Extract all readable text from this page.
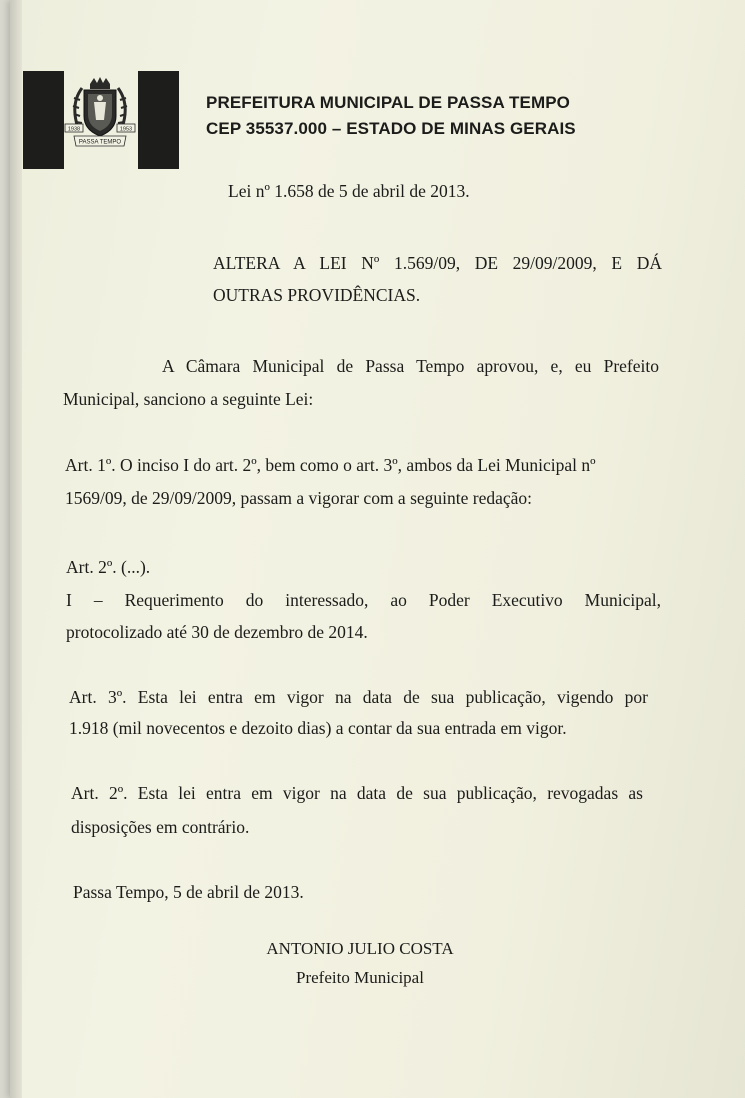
1938	1953
PASSA TEMPO
PREFEITURA MUNICIPAL DE PASSA TEMPO
CEP 35537.000 – ESTADO DE MINAS GERAIS
Lei nº 1.658 de 5 de abril de 2013.
ALTERA A LEI Nº 1.569/09, DE 29/09/2009, E DÁ
OUTRAS PROVIDÊNCIAS.
A Câmara Municipal de Passa Tempo aprovou, e, eu Prefeito
Municipal, sanciono a seguinte Lei:
Art. 1º. O inciso I do art. 2º, bem como o art. 3º, ambos da Lei Municipal nº
1569/09, de 29/09/2009, passam a vigorar com a seguinte redação:
Art. 2º. (...).
I – Requerimento do interessado, ao Poder Executivo Municipal,
protocolizado até 30 de dezembro de 2014.
Art. 3º. Esta lei entra em vigor na data de sua publicação, vigendo por
1.918 (mil novecentos e dezoito dias) a contar da sua entrada em vigor.
Art. 2º. Esta lei entra em vigor na data de sua publicação, revogadas as
disposições em contrário.
Passa Tempo, 5 de abril de 2013.
ANTONIO JULIO COSTA
Prefeito Municipal
